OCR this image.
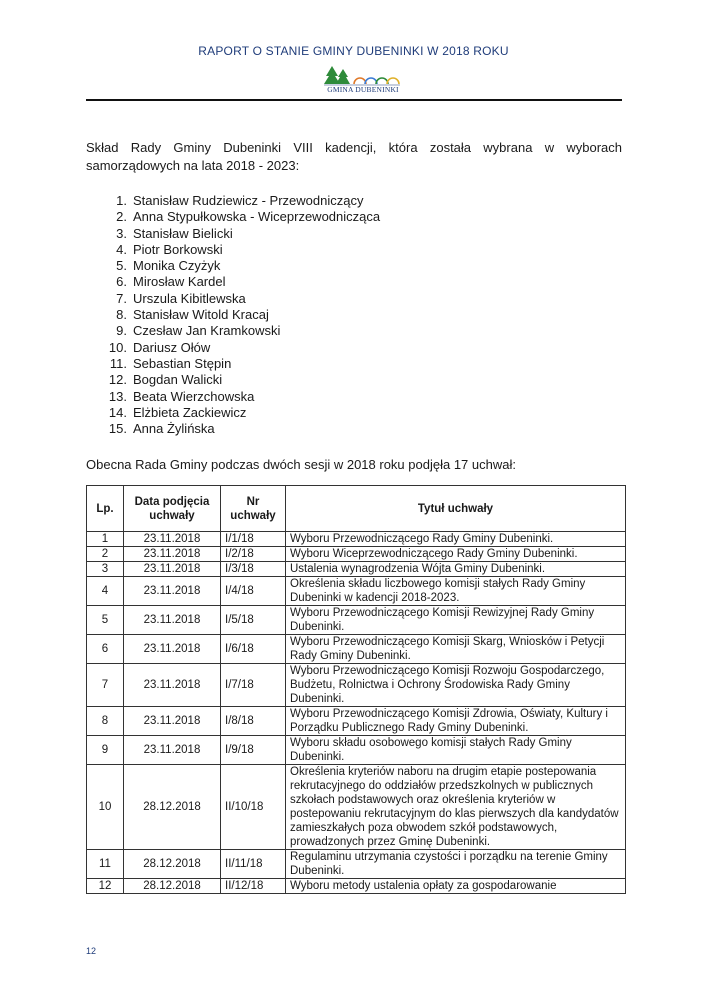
RAPORT O STANIE GMINY DUBENINKI W 2018 ROKU
GMINA DUBENINKI
Skład Rady Gminy Dubeninki VIII kadencji, która została wybrana w wyborach samorządowych na lata 2018 - 2023:
1. Stanisław Rudziewicz - Przewodniczący
2. Anna Stypułkowska - Wiceprzewodnicząca
3. Stanisław Bielicki
4. Piotr Borkowski
5. Monika Czyżyk
6. Mirosław Kardel
7. Urszula Kibitlewska
8. Stanisław Witold Kracaj
9. Czesław Jan Kramkowski
10. Dariusz Ołów
11. Sebastian Stępin
12. Bogdan Walicki
13. Beata Wierzchowska
14. Elżbieta Zackiewicz
15. Anna Żylińska
Obecna Rada Gminy podczas dwóch sesji w 2018 roku podjęła 17 uchwał:
Lp.	Data podjęcia uchwały	Nr uchwały	Tytuł uchwały
1	23.11.2018	I/1/18	Wyboru Przewodniczącego Rady Gminy Dubeninki.
2	23.11.2018	I/2/18	Wyboru Wiceprzewodniczącego Rady Gminy Dubeninki.
3	23.11.2018	I/3/18	Ustalenia wynagrodzenia Wójta Gminy Dubeninki.
4	23.11.2018	I/4/18	Określenia składu liczbowego komisji stałych Rady Gminy Dubeninki w kadencji 2018-2023.
5	23.11.2018	I/5/18	Wyboru Przewodniczącego Komisji Rewizyjnej Rady Gminy Dubeninki.
6	23.11.2018	I/6/18	Wyboru Przewodniczącego Komisji Skarg, Wniosków i Petycji Rady Gminy Dubeninki.
7	23.11.2018	I/7/18	Wyboru Przewodniczącego Komisji Rozwoju Gospodarczego, Budżetu, Rolnictwa i Ochrony Środowiska Rady Gminy Dubeninki.
8	23.11.2018	I/8/18	Wyboru Przewodniczącego Komisji Zdrowia, Oświaty, Kultury i Porządku Publicznego Rady Gminy Dubeninki.
9	23.11.2018	I/9/18	Wyboru składu osobowego komisji stałych Rady Gminy Dubeninki.
10	28.12.2018	II/10/18	Określenia kryteriów naboru na drugim etapie postepowania rekrutacyjnego do oddziałów przedszkolnych w publicznych szkołach podstawowych oraz określenia kryteriów w postepowaniu rekrutacyjnym do klas pierwszych dla kandydatów zamieszkałych poza obwodem szkół podstawowych, prowadzonych przez Gminę Dubeninki.
11	28.12.2018	II/11/18	Regulaminu utrzymania czystości i porządku na terenie Gminy Dubeninki.
12	28.12.2018	II/12/18	Wyboru metody ustalenia opłaty za gospodarowanie
12
